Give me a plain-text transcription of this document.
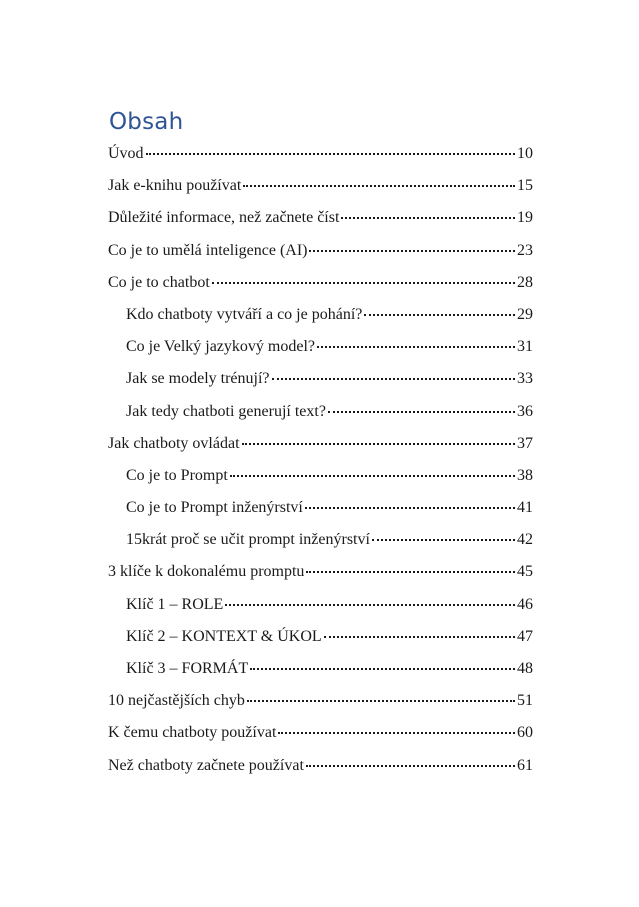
Obsah
Úvod	10
Jak e-knihu používat	15
Důležité informace, než začnete číst	19
Co je to umělá inteligence (AI)	23
Co je to chatbot	28
Kdo chatboty vytváří a co je pohání?	29
Co je Velký jazykový model?	31
Jak se modely trénují?	33
Jak tedy chatboti generují text?	36
Jak chatboty ovládat	37
Co je to Prompt	38
Co je to Prompt inženýrství	41
15krát proč se učit prompt inženýrství	42
3 klíče k dokonalému promptu	45
Klíč 1 – ROLE	46
Klíč 2 – KONTEXT & ÚKOL	47
Klíč 3 – FORMÁT	48
10 nejčastějších chyb	51
K čemu chatboty používat	60
Než chatboty začnete používat	61
